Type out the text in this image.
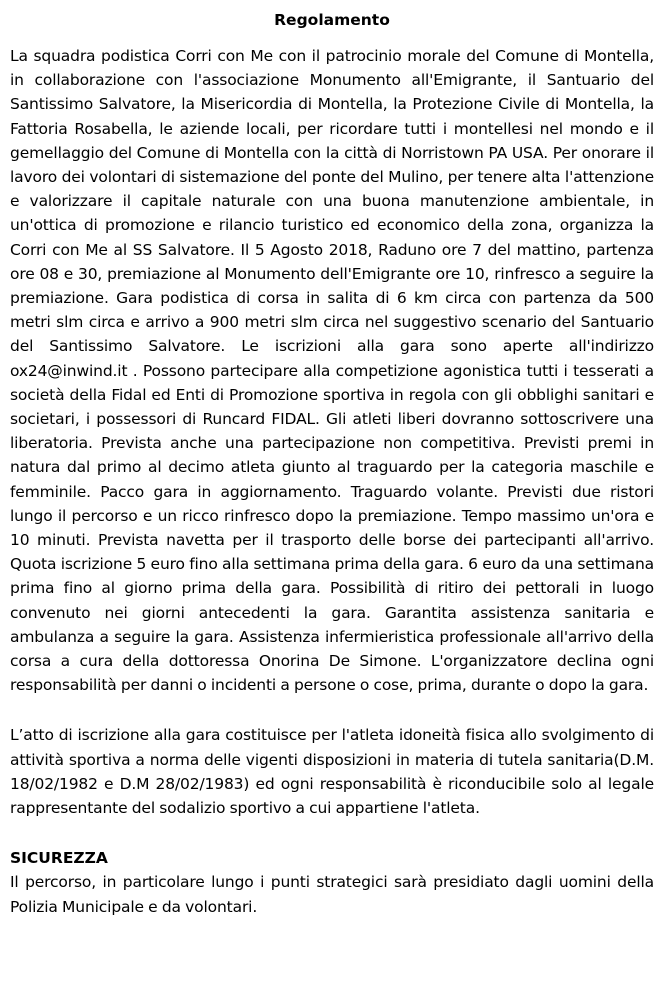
Regolamento

La squadra podistica Corri con Me con il patrocinio morale del Comune di Montella, in collaborazione con l'associazione Monumento all'Emigrante, il Santuario del Santissimo Salvatore, la Misericordia di Montella, la Protezione Civile di Montella, la Fattoria Rosabella, le aziende locali, per ricordare tutti i montellesi nel mondo e il gemellaggio del Comune di Montella con la città di Norristown PA USA. Per onorare il lavoro dei volontari di sistemazione del ponte del Mulino, per tenere alta l'attenzione e valorizzare il capitale naturale con una buona manutenzione ambientale, in un'ottica di promozione e rilancio turistico ed economico della zona, organizza la Corri con Me al SS Salvatore. Il 5 Agosto 2018, Raduno ore 7 del mattino, partenza ore 08 e 30, premiazione al Monumento dell'Emigrante ore 10, rinfresco a seguire la premiazione. Gara podistica di corsa in salita di 6 km circa con partenza da 500 metri slm circa e arrivo a 900 metri slm circa nel suggestivo scenario del Santuario del Santissimo Salvatore. Le iscrizioni alla gara sono aperte all'indirizzo ox24@inwind.it . Possono partecipare alla competizione agonistica tutti i tesserati a società della Fidal ed Enti di Promozione sportiva in regola con gli obblighi sanitari e societari, i possessori di Runcard FIDAL. Gli atleti liberi dovranno sottoscrivere una liberatoria. Prevista anche una partecipazione non competitiva. Previsti premi in natura dal primo al decimo atleta giunto al traguardo per la categoria maschile e femminile. Pacco gara in aggiornamento. Traguardo volante. Previsti due ristori lungo il percorso e un ricco rinfresco dopo la premiazione. Tempo massimo un'ora e 10 minuti. Prevista navetta per il trasporto delle borse dei partecipanti all'arrivo. Quota iscrizione 5 euro fino alla settimana prima della gara. 6 euro da una settimana prima fino al giorno prima della gara. Possibilità di ritiro dei pettorali in luogo convenuto nei giorni antecedenti la gara. Garantita assistenza sanitaria e ambulanza a seguire la gara. Assistenza infermieristica professionale all'arrivo della corsa a cura della dottoressa Onorina De Simone. L'organizzatore declina ogni responsabilità per danni o incidenti a persone o cose, prima, durante o dopo la gara.

L’atto di iscrizione alla gara costituisce per l'atleta idoneità fisica allo svolgimento di attività sportiva a norma delle vigenti disposizioni in materia di tutela sanitaria(D.M. 18/02/1982 e D.M 28/02/1983) ed ogni responsabilità è riconducibile solo al legale rappresentante del sodalizio sportivo a cui appartiene l'atleta.

SICUREZZA

Il percorso, in particolare lungo i punti strategici sarà presidiato dagli uomini della Polizia Municipale e da volontari.
